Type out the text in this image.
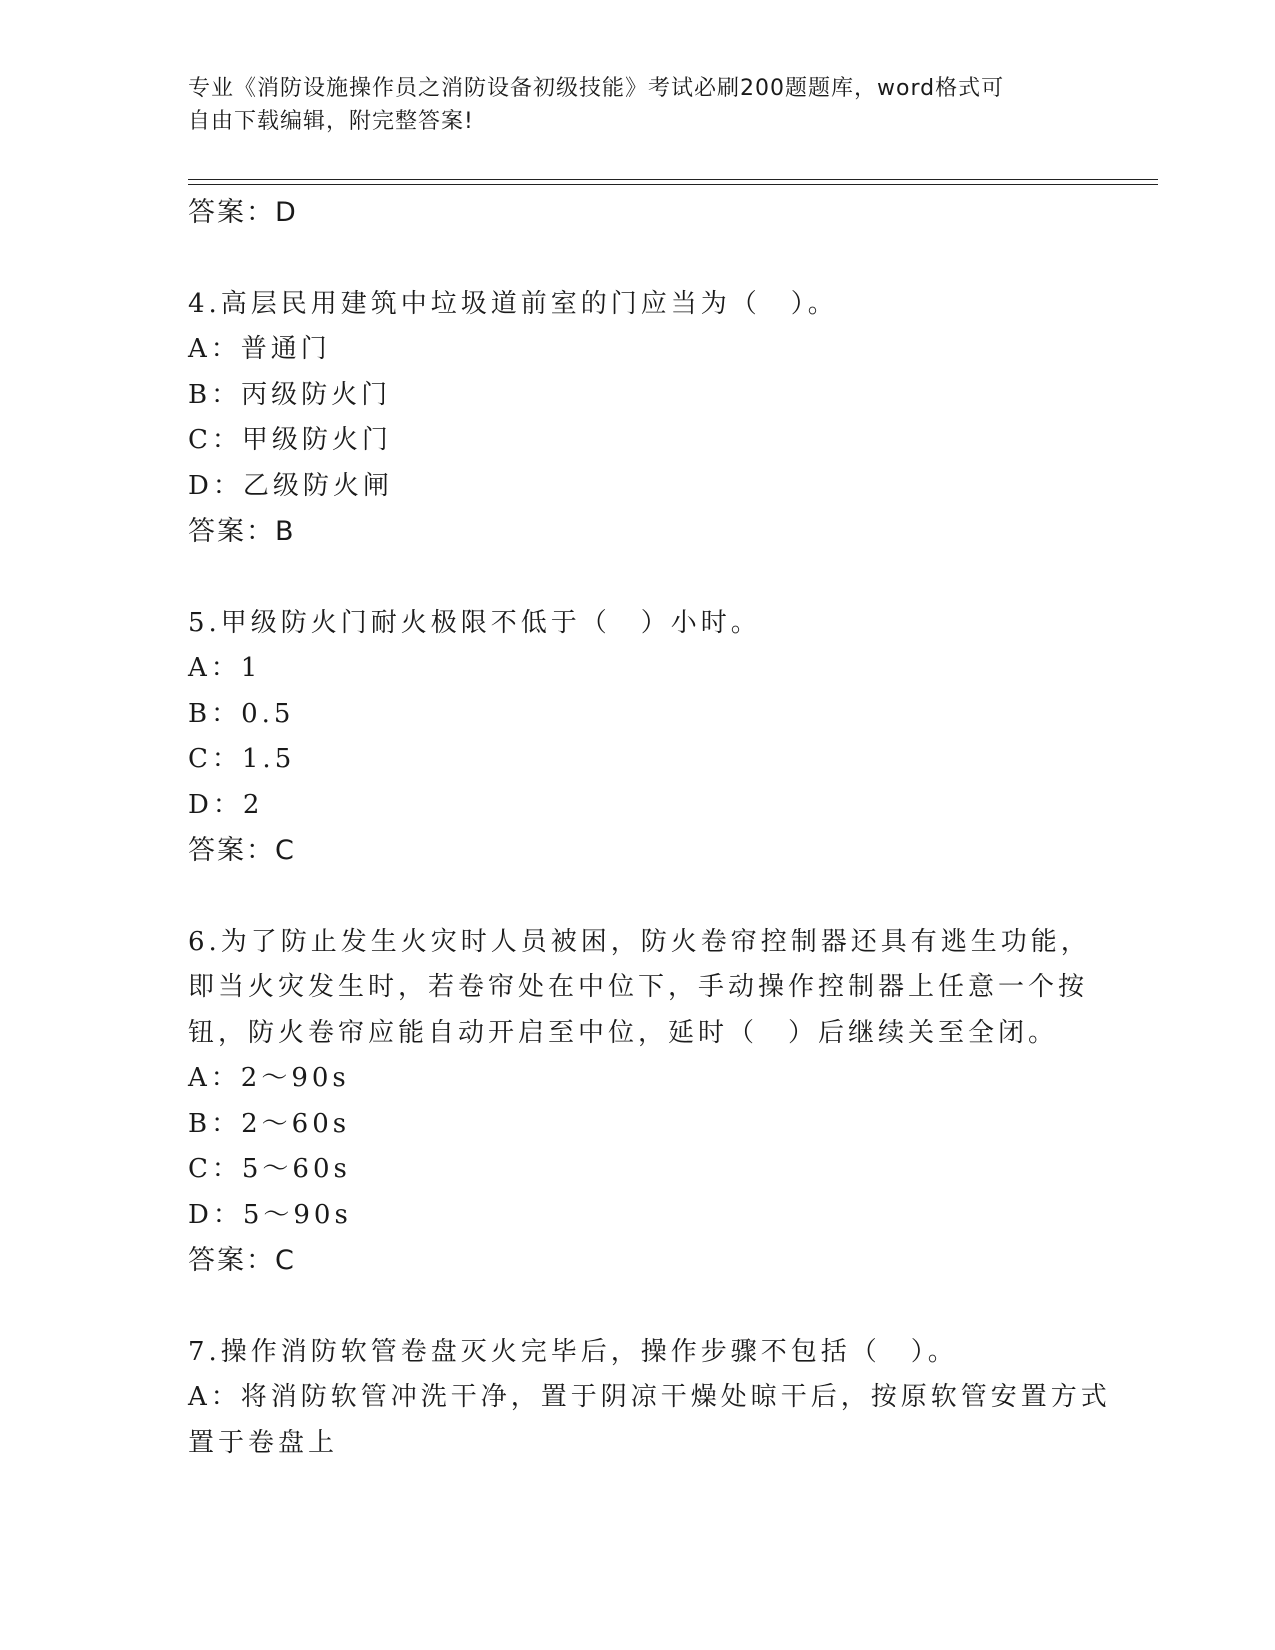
专业《消防设施操作员之消防设备初级技能》考试必刷200题题库，word格式可
自由下载编辑，附完整答案!
答案：D
4.高层民用建筑中垃圾道前室的门应当为（　）。
A：普通门
B：丙级防火门
C：甲级防火门
D：乙级防火闸
答案：B
5.甲级防火门耐火极限不低于（　）小时。
A：1
B：0.5
C：1.5
D：2
答案：C
6.为了防止发生火灾时人员被困，防火卷帘控制器还具有逃生功能，
即当火灾发生时，若卷帘处在中位下，手动操作控制器上任意一个按
钮，防火卷帘应能自动开启至中位，延时（　）后继续关至全闭。
A：2～90s
B：2～60s
C：5～60s
D：5～90s
答案：C
7.操作消防软管卷盘灭火完毕后，操作步骤不包括（　）。
A：将消防软管冲洗干净，置于阴凉干燥处晾干后，按原软管安置方式
置于卷盘上
